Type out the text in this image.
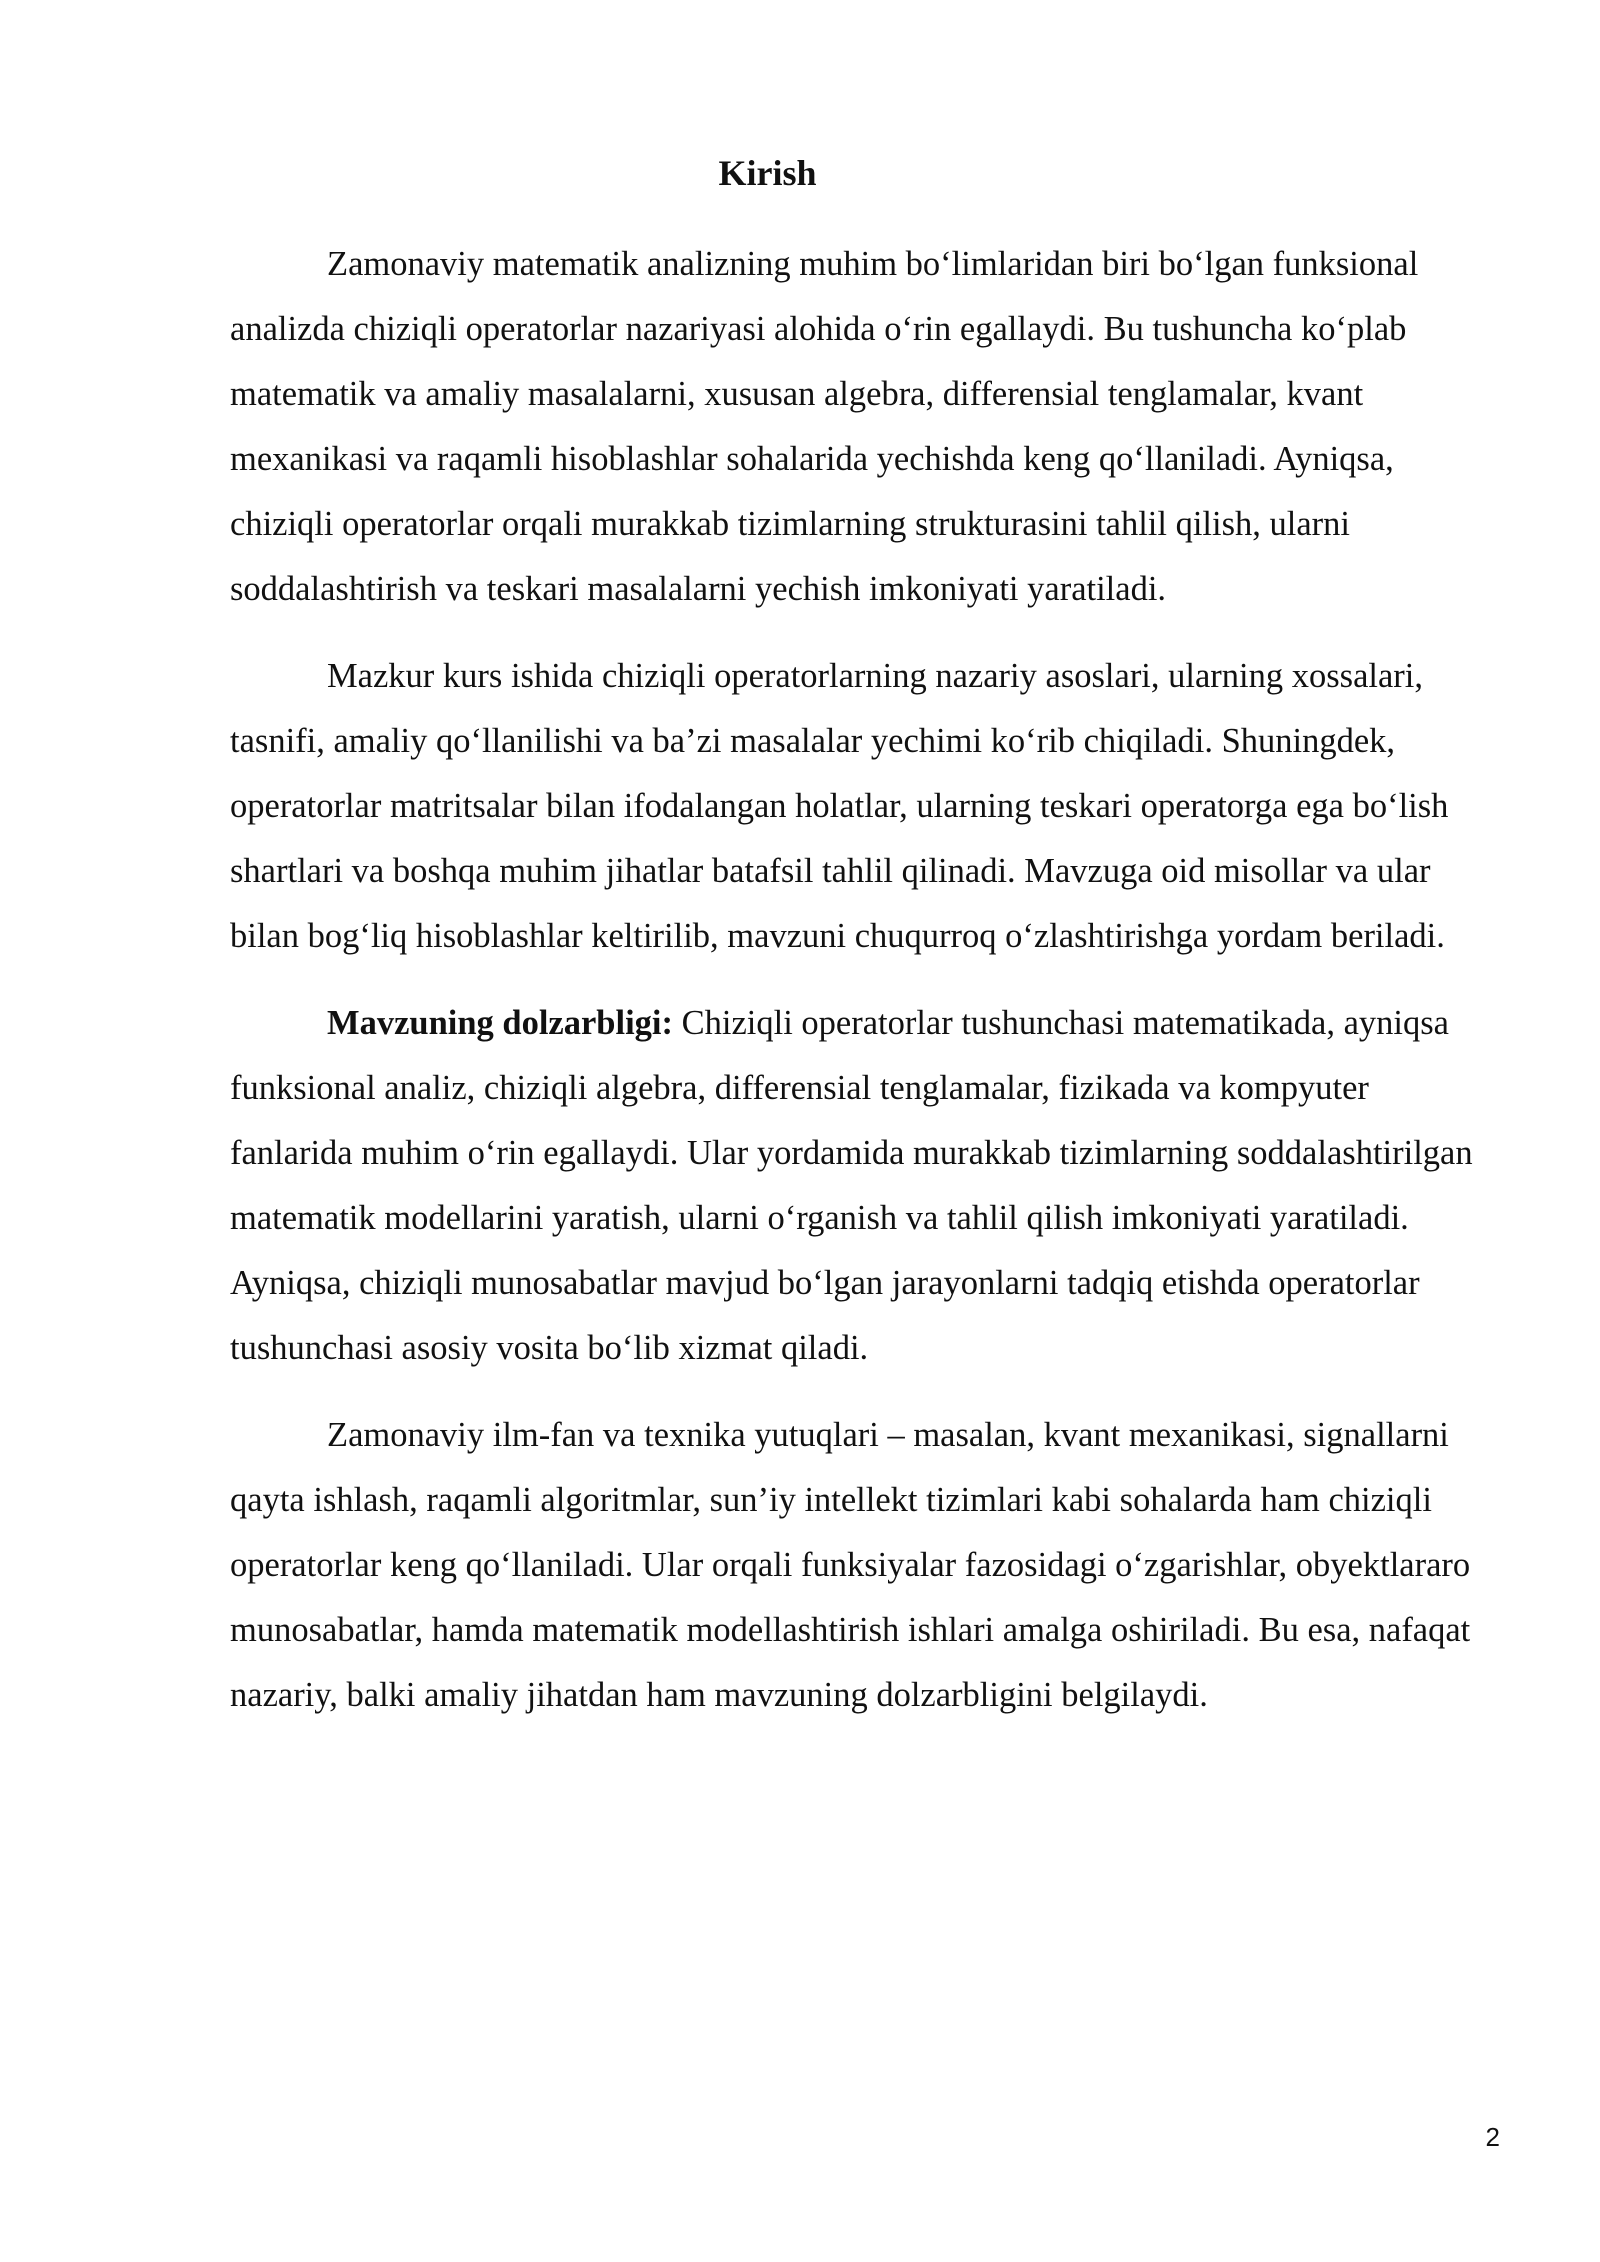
Kirish

Zamonaviy matematik analizning muhim bo‘limlaridan biri bo‘lgan funksional analizda chiziqli operatorlar nazariyasi alohida o‘rin egallaydi. Bu tushuncha ko‘plab matematik va amaliy masalalarni, xususan algebra, differensial tenglamalar, kvant mexanikasi va raqamli hisoblashlar sohalarida yechishda keng qo‘llaniladi. Ayniqsa, chiziqli operatorlar orqali murakkab tizimlarning strukturasini tahlil qilish, ularni soddalashtirish va teskari masalalarni yechish imkoniyati yaratiladi.

Mazkur kurs ishida chiziqli operatorlarning nazariy asoslari, ularning xossalari, tasnifi, amaliy qo‘llanilishi va ba’zi masalalar yechimi ko‘rib chiqiladi. Shuningdek, operatorlar matritsalar bilan ifodalangan holatlar, ularning teskari operatorga ega bo‘lish shartlari va boshqa muhim jihatlar batafsil tahlil qilinadi. Mavzuga oid misollar va ular bilan bog‘liq hisoblashlar keltirilib, mavzuni chuqurroq o‘zlashtirishga yordam beriladi.

Mavzuning dolzarbligi: Chiziqli operatorlar tushunchasi matematikada, ayniqsa funksional analiz, chiziqli algebra, differensial tenglamalar, fizikada va kompyuter fanlarida muhim o‘rin egallaydi. Ular yordamida murakkab tizimlarning soddalashtirilgan matematik modellarini yaratish, ularni o‘rganish va tahlil qilish imkoniyati yaratiladi. Ayniqsa, chiziqli munosabatlar mavjud bo‘lgan jarayonlarni tadqiq etishda operatorlar tushunchasi asosiy vosita bo‘lib xizmat qiladi.

Zamonaviy ilm-fan va texnika yutuqlari – masalan, kvant mexanikasi, signallarni qayta ishlash, raqamli algoritmlar, sun’iy intellekt tizimlari kabi sohalarda ham chiziqli operatorlar keng qo‘llaniladi. Ular orqali funksiyalar fazosidagi o‘zgarishlar, obyektlararo munosabatlar, hamda matematik modellashtirish ishlari amalga oshiriladi. Bu esa, nafaqat nazariy, balki amaliy jihatdan ham mavzuning dolzarbligini belgilaydi.

2
